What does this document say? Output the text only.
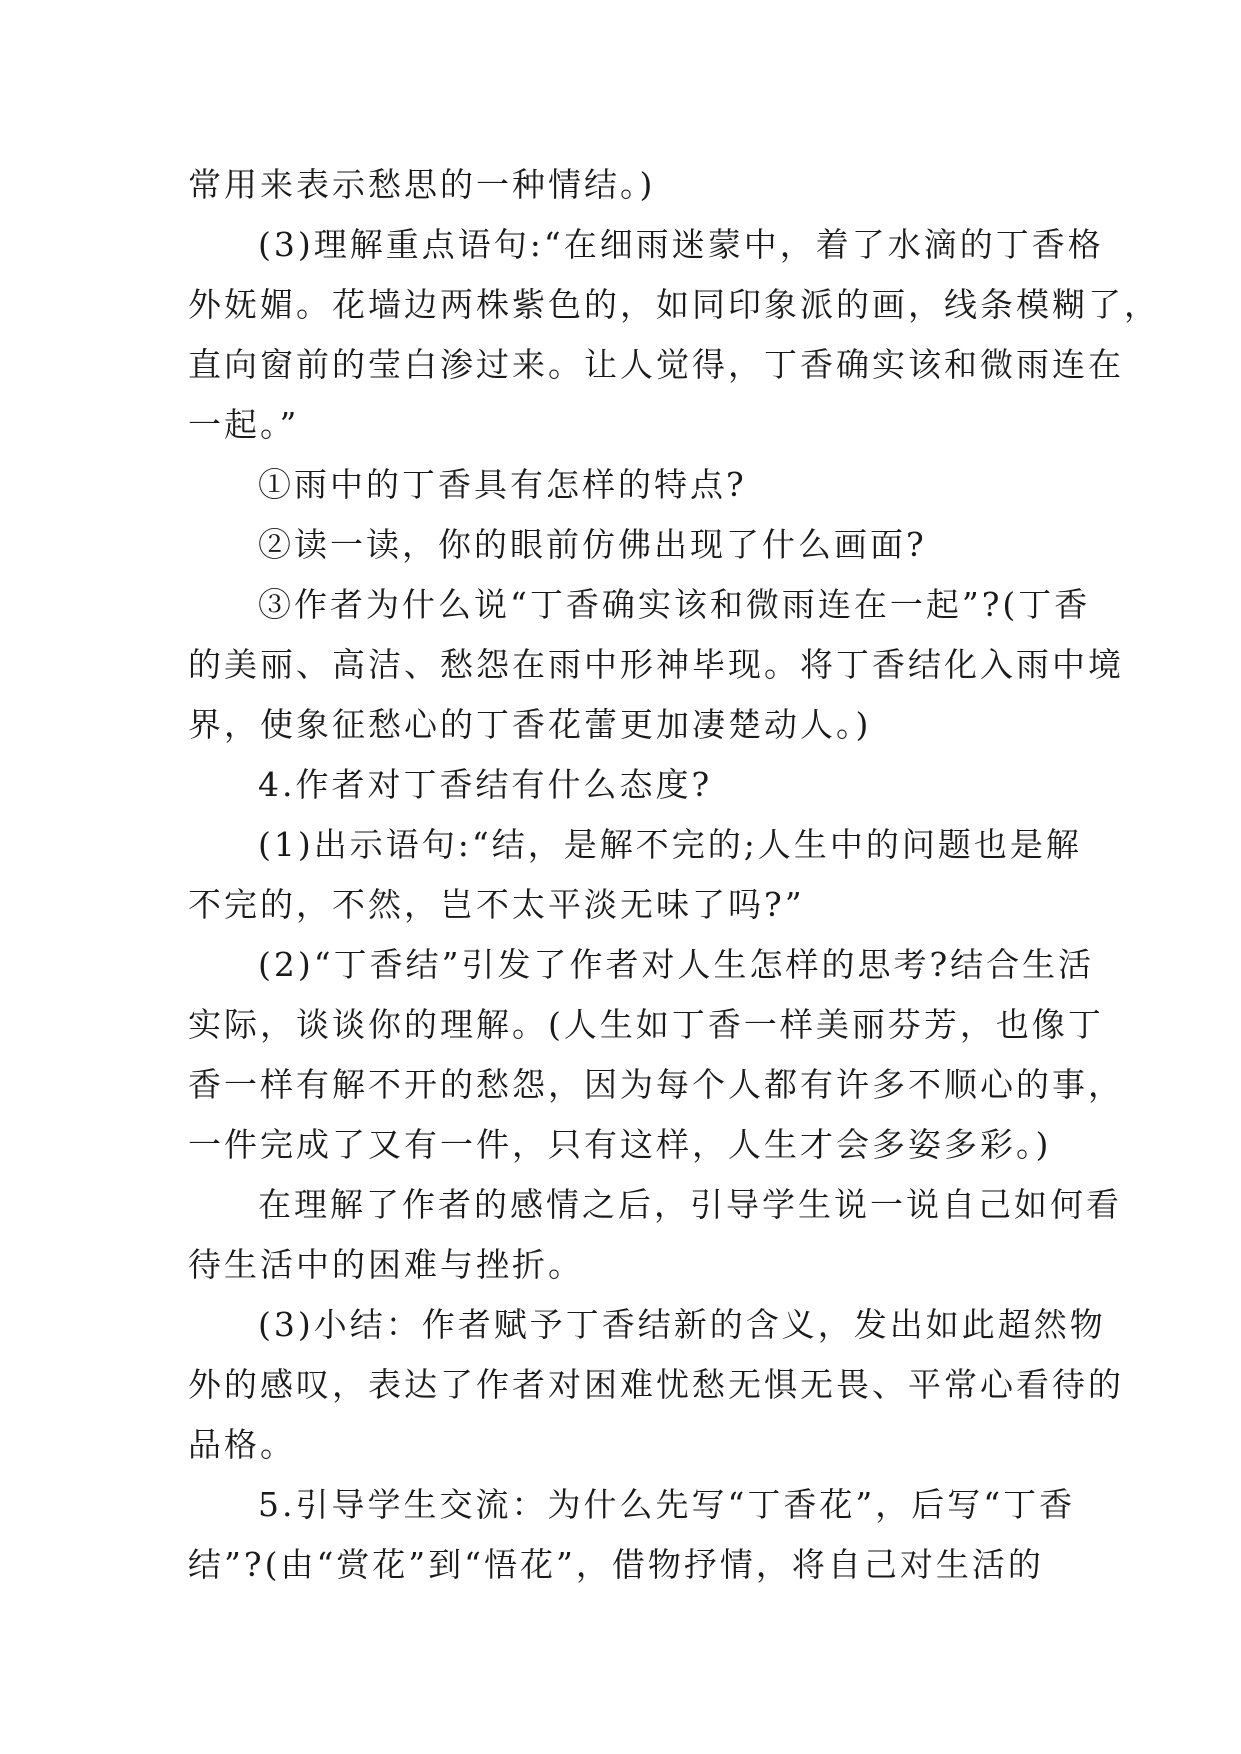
常用来表示愁思的一种情结。)
(3)理解重点语句:“在细雨迷蒙中，着了水滴的丁香格
外妩媚。花墙边两株紫色的，如同印象派的画，线条模糊了，
直向窗前的莹白渗过来。让人觉得，丁香确实该和微雨连在
一起。”
①雨中的丁香具有怎样的特点?
②读一读，你的眼前仿佛出现了什么画面?
③作者为什么说“丁香确实该和微雨连在一起”?(丁香
的美丽、高洁、愁怨在雨中形神毕现。将丁香结化入雨中境
界，使象征愁心的丁香花蕾更加凄楚动人。)
4.作者对丁香结有什么态度?
(1)出示语句:“结，是解不完的;人生中的问题也是解
不完的，不然，岂不太平淡无味了吗?”
(2)“丁香结”引发了作者对人生怎样的思考?结合生活
实际，谈谈你的理解。(人生如丁香一样美丽芬芳，也像丁
香一样有解不开的愁怨，因为每个人都有许多不顺心的事，
一件完成了又有一件，只有这样，人生才会多姿多彩。)
在理解了作者的感情之后，引导学生说一说自己如何看
待生活中的困难与挫折。
(3)小结：作者赋予丁香结新的含义，发出如此超然物
外的感叹，表达了作者对困难忧愁无惧无畏、平常心看待的
品格。
5.引导学生交流：为什么先写“丁香花”，后写“丁香
结”?(由“赏花”到“悟花”，借物抒情，将自己对生活的
